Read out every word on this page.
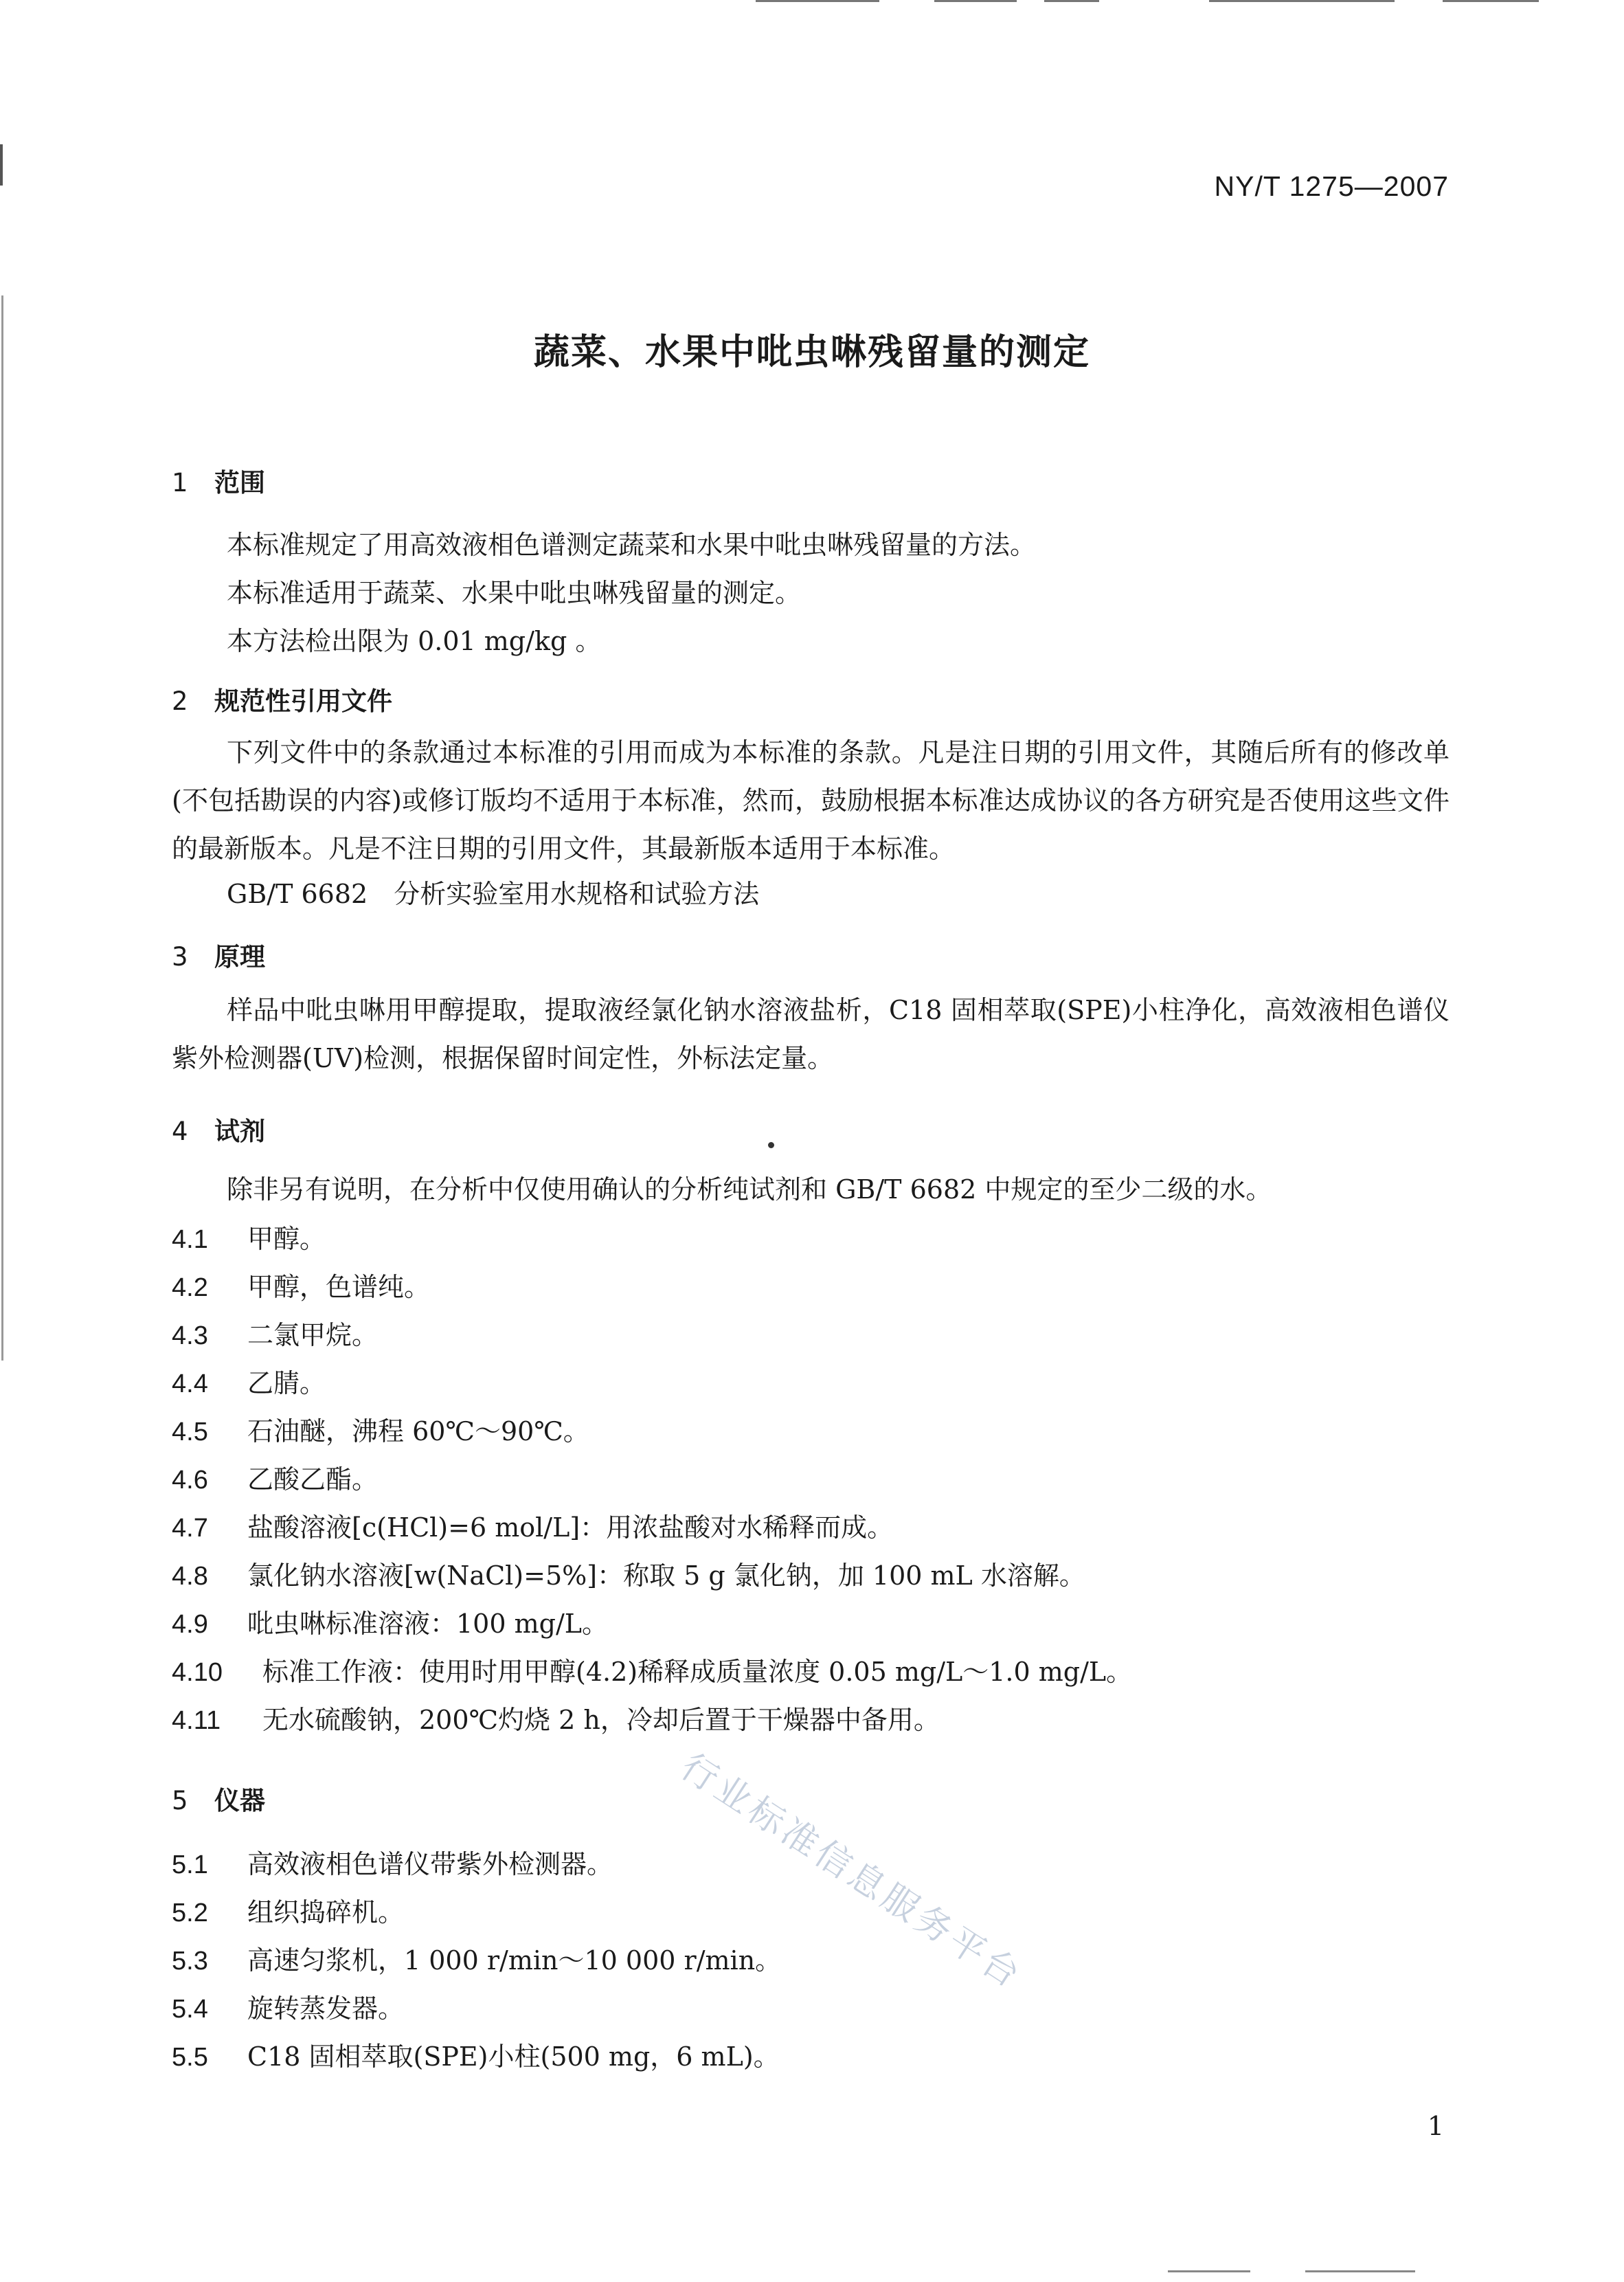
NY/T 1275—2007
蔬菜、水果中吡虫啉残留量的测定
1 范围
本标准规定了用高效液相色谱测定蔬菜和水果中吡虫啉残留量的方法。
本标准适用于蔬菜、水果中吡虫啉残留量的测定。
本方法检出限为 0.01 mg/kg 。
2 规范性引用文件
下列文件中的条款通过本标准的引用而成为本标准的条款。凡是注日期的引用文件，其随后所有的修改单(不包括勘误的内容)或修订版均不适用于本标准，然而，鼓励根据本标准达成协议的各方研究是否使用这些文件的最新版本。凡是不注日期的引用文件，其最新版本适用于本标准。
GB/T 6682　分析实验室用水规格和试验方法
3 原理
样品中吡虫啉用甲醇提取，提取液经氯化钠水溶液盐析，C18 固相萃取(SPE)小柱净化，高效液相色谱仪紫外检测器(UV)检测，根据保留时间定性，外标法定量。
4 试剂
除非另有说明，在分析中仅使用确认的分析纯试剂和 GB/T 6682 中规定的至少二级的水。
4.1 甲醇。
4.2 甲醇，色谱纯。
4.3 二氯甲烷。
4.4 乙腈。
4.5 石油醚，沸程 60℃～90℃。
4.6 乙酸乙酯。
4.7 盐酸溶液[c(HCl)=6 mol/L]：用浓盐酸对水稀释而成。
4.8 氯化钠水溶液[w(NaCl)=5%]：称取 5 g 氯化钠，加 100 mL 水溶解。
4.9 吡虫啉标准溶液：100 mg/L。
4.10 标准工作液：使用时用甲醇(4.2)稀释成质量浓度 0.05 mg/L～1.0 mg/L。
4.11 无水硫酸钠，200℃灼烧 2 h，冷却后置于干燥器中备用。
行业标准信息服务平台
5 仪器
5.1 高效液相色谱仪带紫外检测器。
5.2 组织捣碎机。
5.3 高速匀浆机，1 000 r/min～10 000 r/min。
5.4 旋转蒸发器。
5.5 C18 固相萃取(SPE)小柱(500 mg，6 mL)。
1
